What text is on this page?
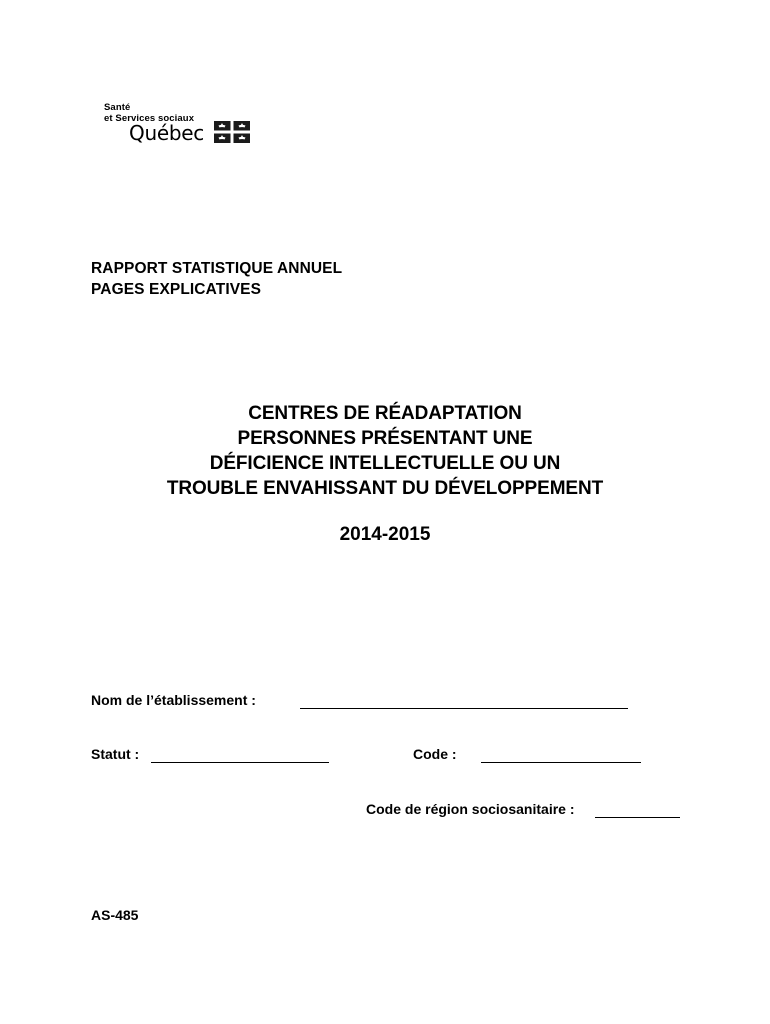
Santé
et Services sociaux
Québec
RAPPORT STATISTIQUE ANNUEL
PAGES EXPLICATIVES
CENTRES DE RÉADAPTATION
PERSONNES PRÉSENTANT UNE
DÉFICIENCE INTELLECTUELLE OU UN
TROUBLE ENVAHISSANT DU DÉVELOPPEMENT
2014-2015
Nom de l’établissement :
Statut :	Code :
Code de région sociosanitaire :
AS-485
